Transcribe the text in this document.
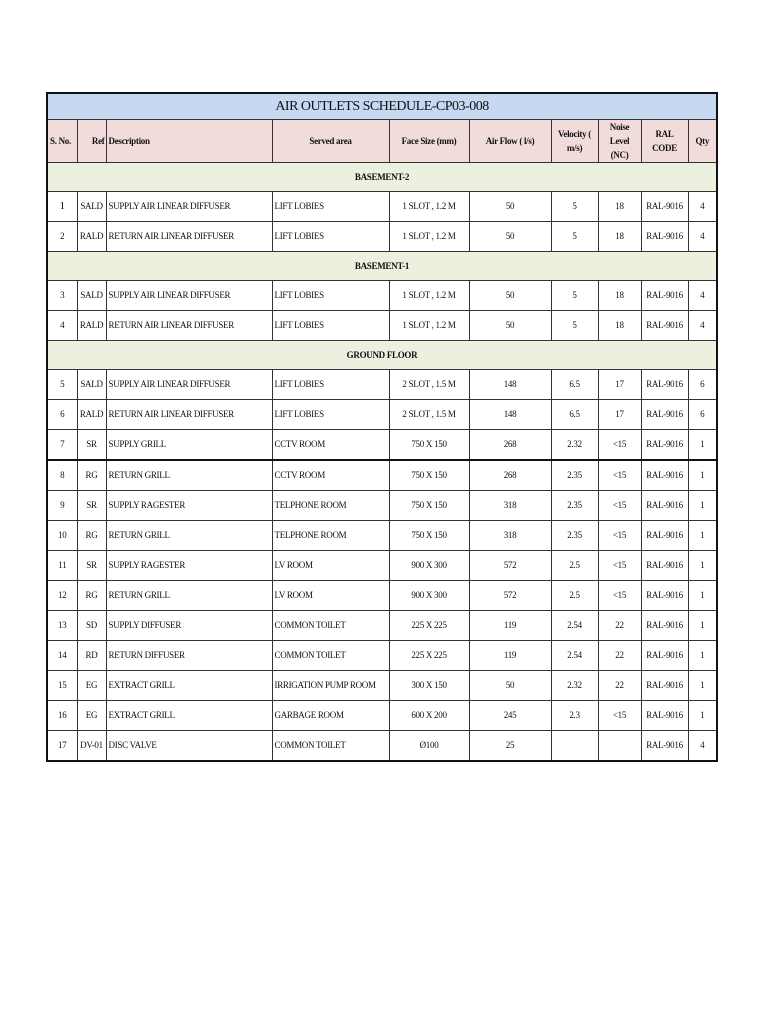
AIR OUTLETS SCHEDULE-CP03-008									
S. No.	Ref	Description	Served area	Face Size (mm)	Air Flow ( l/s)	Velocity ( m/s)	Noise Level (NC)	RAL CODE	Qty
BASEMENT-2									
1	SALD	SUPPLY AIR LINEAR DIFFUSER	LIFT LOBIES	1 SLOT , 1.2 M	50	5	18	RAL-9016	4
2	RALD	RETURN AIR LINEAR DIFFUSER	LIFT LOBIES	1 SLOT , 1.2 M	50	5	18	RAL-9016	4
BASEMENT-1									
3	SALD	SUPPLY AIR LINEAR DIFFUSER	LIFT LOBIES	1 SLOT , 1.2 M	50	5	18	RAL-9016	4
4	RALD	RETURN AIR LINEAR DIFFUSER	LIFT LOBIES	1 SLOT , 1.2 M	50	5	18	RAL-9016	4
GROUND FLOOR									
5	SALD	SUPPLY AIR LINEAR DIFFUSER	LIFT LOBIES	2 SLOT , 1.5 M	148	6.5	17	RAL-9016	6
6	RALD	RETURN AIR LINEAR DIFFUSER	LIFT LOBIES	2 SLOT , 1.5 M	148	6.5	17	RAL-9016	6
7	SR	SUPPLY GRILL	CCTV ROOM	750 X 150	268	2.32	<15	RAL-9016	1
8	RG	RETURN GRILL	CCTV ROOM	750 X 150	268	2.35	<15	RAL-9016	1
9	SR	SUPPLY RAGESTER	TELPHONE ROOM	750 X 150	318	2.35	<15	RAL-9016	1
10	RG	RETURN GRILL	TELPHONE ROOM	750 X 150	318	2.35	<15	RAL-9016	1
11	SR	SUPPLY RAGESTER	LV ROOM	900 X 300	572	2.5	<15	RAL-9016	1
12	RG	RETURN GRILL	LV ROOM	900 X 300	572	2.5	<15	RAL-9016	1
13	SD	SUPPLY DIFFUSER	COMMON TOILET	225 X 225	119	2.54	22	RAL-9016	1
14	RD	RETURN DIFFUSER	COMMON TOILET	225 X 225	119	2.54	22	RAL-9016	1
15	EG	EXTRACT GRILL	IRRIGATION PUMP ROOM	300 X 150	50	2.32	22	RAL-9016	1
16	EG	EXTRACT GRILL	GARBAGE ROOM	600 X 200	245	2.3	<15	RAL-9016	1
17	DV-01	DISC VALVE	COMMON TOILET	Ø100	25			RAL-9016	4
